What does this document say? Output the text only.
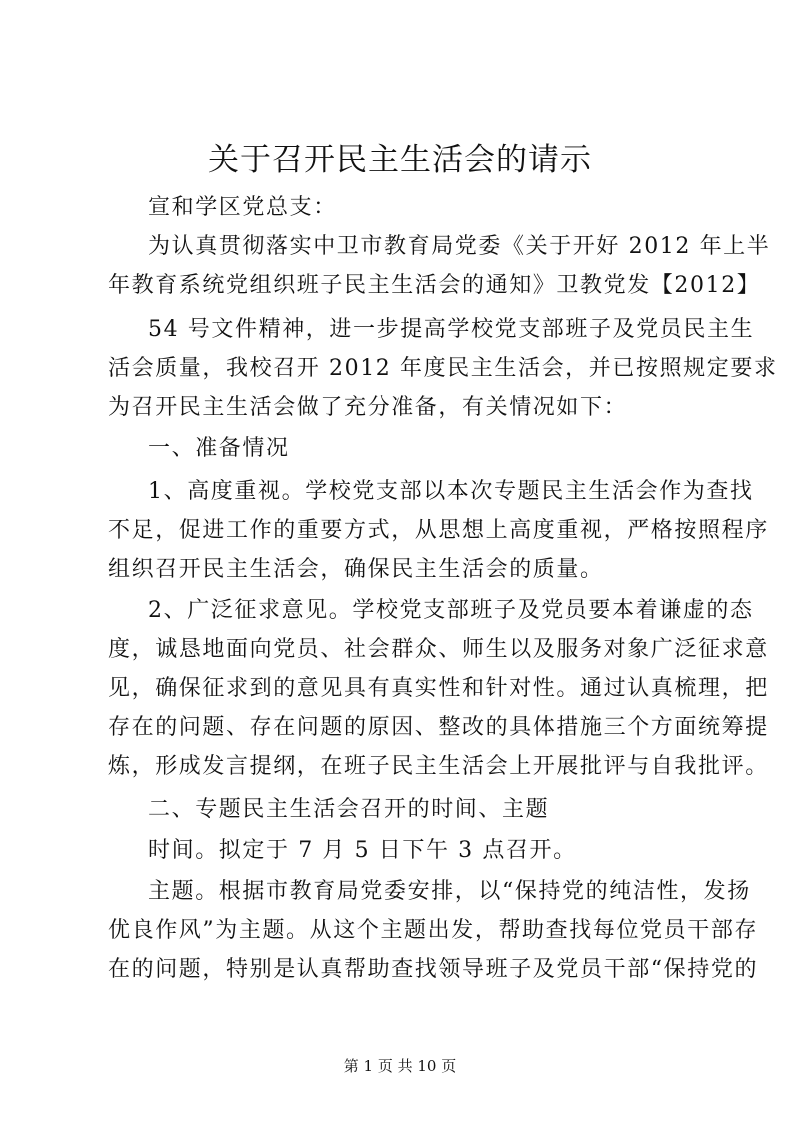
关于召开民主生活会的请示
宣和学区党总支：
为认真贯彻落实中卫市教育局党委《关于开好 2012 年上半
年教育系统党组织班子民主生活会的通知》卫教党发【2012】
54 号文件精神，进一步提高学校党支部班子及党员民主生
活会质量，我校召开 2012 年度民主生活会，并已按照规定要求
为召开民主生活会做了充分准备，有关情况如下：
一、准备情况
1、高度重视。学校党支部以本次专题民主生活会作为查找
不足，促进工作的重要方式，从思想上高度重视，严格按照程序
组织召开民主生活会，确保民主生活会的质量。
2、广泛征求意见。学校党支部班子及党员要本着谦虚的态
度，诚恳地面向党员、社会群众、师生以及服务对象广泛征求意
见，确保征求到的意见具有真实性和针对性。通过认真梳理，把
存在的问题、存在问题的原因、整改的具体措施三个方面统筹提
炼，形成发言提纲，在班子民主生活会上开展批评与自我批评。
二、专题民主生活会召开的时间、主题
时间。拟定于 7 月 5 日下午 3 点召开。
主题。根据市教育局党委安排，以“保持党的纯洁性，发扬
优良作风”为主题。从这个主题出发，帮助查找每位党员干部存
在的问题，特别是认真帮助查找领导班子及党员干部“保持党的
第 1 页 共 10 页
